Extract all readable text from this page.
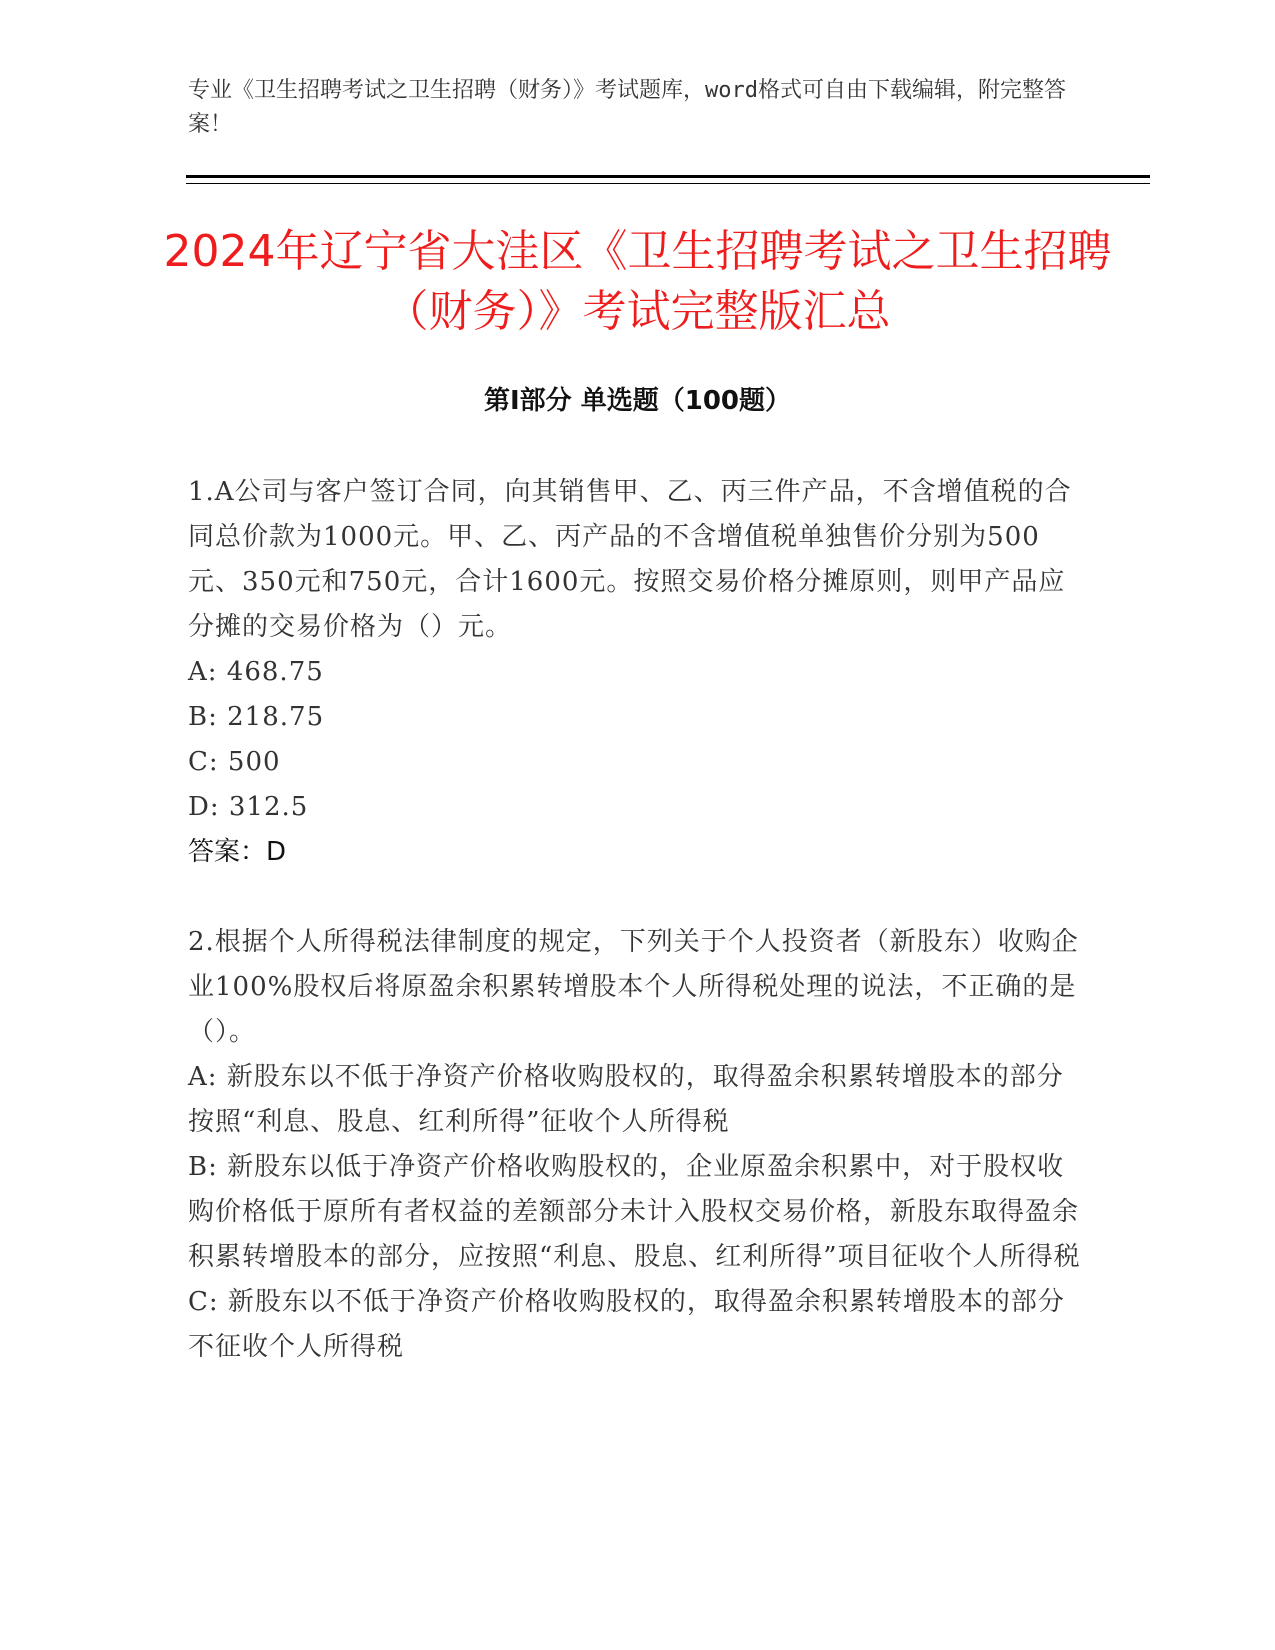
专业《卫生招聘考试之卫生招聘（财务）》考试题库，word格式可自由下载编辑，附完整答案！
2024年辽宁省大洼区《卫生招聘考试之卫生招聘（财务）》考试完整版汇总
第Ⅰ部分 单选题（100题）
1.A公司与客户签订合同，向其销售甲、乙、丙三件产品，不含增值税的合同总价款为1000元。甲、乙、丙产品的不含增值税单独售价分别为500元、350元和750元，合计1600元。按照交易价格分摊原则，则甲产品应分摊的交易价格为（）元。
A: 468.75
B: 218.75
C: 500
D: 312.5
答案：D
2.根据个人所得税法律制度的规定，下列关于个人投资者（新股东）收购企业100%股权后将原盈余积累转增股本个人所得税处理的说法，不正确的是（）。
A: 新股东以不低于净资产价格收购股权的，取得盈余积累转增股本的部分按照“利息、股息、红利所得”征收个人所得税
B: 新股东以低于净资产价格收购股权的，企业原盈余积累中，对于股权收购价格低于原所有者权益的差额部分未计入股权交易价格，新股东取得盈余积累转增股本的部分，应按照“利息、股息、红利所得”项目征收个人所得税
C: 新股东以不低于净资产价格收购股权的，取得盈余积累转增股本的部分不征收个人所得税
